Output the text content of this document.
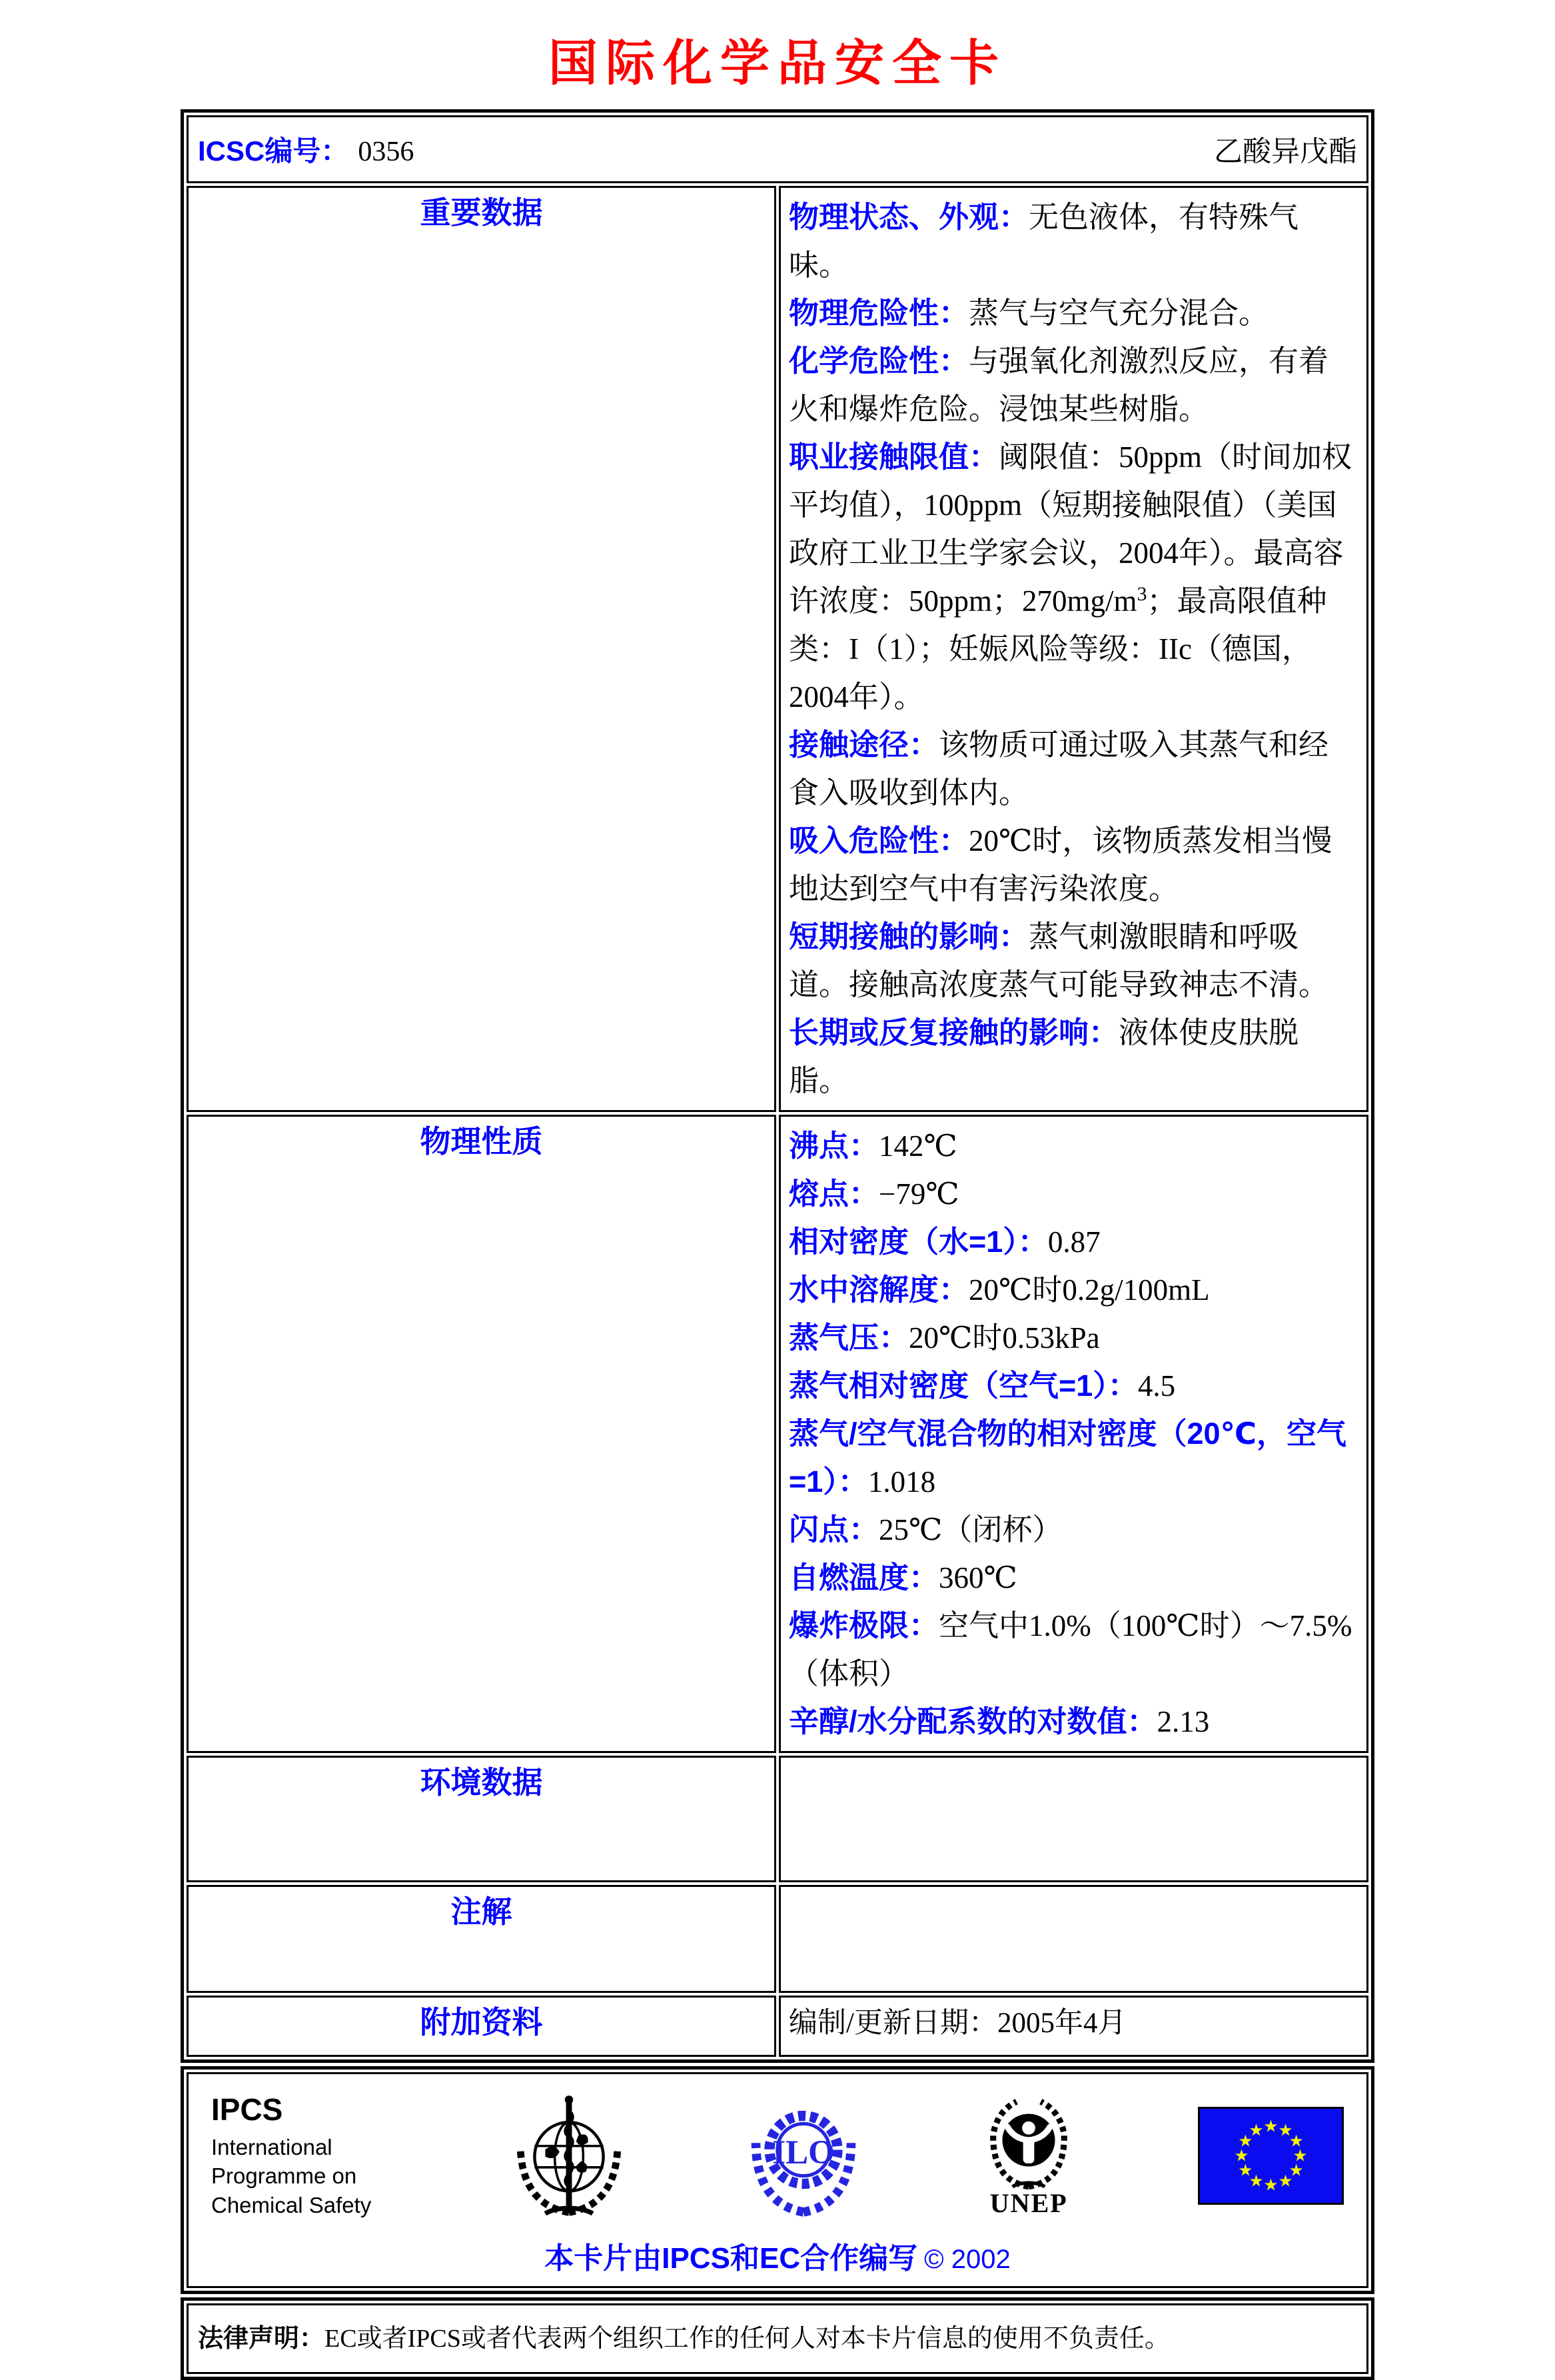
国际化学品安全卡
ICSC编号： 0356 乙酸异戊酯	

重要数据	物理状态、外观：无色液体，有特殊气味。
物理危险性：蒸气与空气充分混合。
化学危险性：与强氧化剂激烈反应，有着火和爆炸危险。浸蚀某些树脂。
职业接触限值：阈限值：50ppm（时间加权平均值），100ppm（短期接触限值）（美国政府工业卫生学家会议，2004年）。最高容许浓度：50ppm；$270mg/m^3$；最高限值种类：I（1）；妊娠风险等级：IIc（德国，2004年）。
接触途径：该物质可通过吸入其蒸气和经食入吸收到体内。
吸入危险性：20℃时，该物质蒸发相当慢地达到空气中有害污染浓度。
短期接触的影响：蒸气刺激眼睛和呼吸道。接触高浓度蒸气可能导致神志不清。
长期或反复接触的影响：液体使皮肤脱脂。

物理性质	沸点：142℃
熔点：−79℃
相对密度（水=1）：0.87
水中溶解度：20℃时0.2g/100mL
蒸气压：20℃时0.53kPa
蒸气相对密度（空气=1）：4.5
蒸气/空气混合物的相对密度（20℃，空气=1）：1.018
闪点：25℃（闭杯）
自燃温度：360℃
爆炸极限：空气中1.0%（100℃时）～7.5%（体积）
辛醇/水分配系数的对数值：2.13

环境数据	
注解	
附加资料	编制/更新日期：2005年4月
IPCS
International
Programme on
Chemical Safety
ILO
UNEP
本卡片由IPCS和EC合作编写 © 2002
法律声明：EC或者IPCS或者代表两个组织工作的任何人对本卡片信息的使用不负责任。
